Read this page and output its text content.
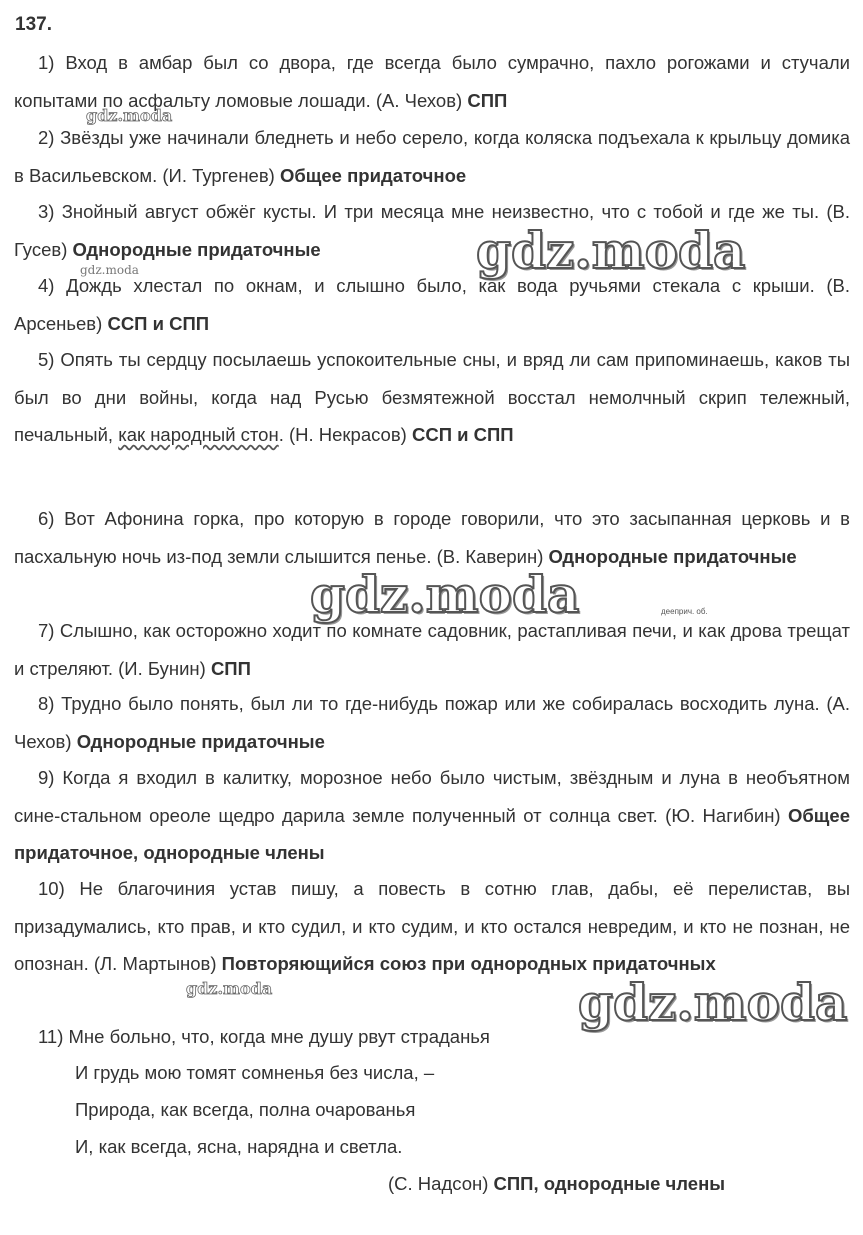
137.
1) Вход в амбар был со двора, где всегда было сумрачно, пахло рогожами и стучали копытами по асфальту ломовые лошади. (А. Чехов) СПП
2) Звёзды уже начинали бледнеть и небо серело, когда коляска подъехала к крыльцу домика в Васильевском. (И. Тургенев) Общее придаточное
3) Знойный август обжёг кусты. И три месяца мне неизвестно, что с тобой и где же ты. (В. Гусев) Однородные придаточные
4) Дождь хлестал по окнам, и слышно было, как вода ручьями стекала с крыши. (В. Арсеньев) ССП и СПП
5) Опять ты сердцу посылаешь успокоительные сны, и вряд ли сам припоминаешь, каков ты был во дни войны, когда над Русью безмятежной восстал немолчный скрип тележный, печальный, как народный стон. (Н. Некрасов) ССП и СПП
6) Вот Афонина горка, про которую в городе говорили, что это засыпанная церковь и в пасхальную ночь из-под земли слышится пенье. (В. Каверин) Однородные придаточные
7) Слышно, как осторожно ходит по комнате садовник, растапливая печи, и как дрова трещат и стреляют. (И. Бунин) СПП
8) Трудно было понять, был ли то где-нибудь пожар или же собиралась восходить луна. (А. Чехов) Однородные придаточные
9) Когда я входил в калитку, морозное небо было чистым, звёздным и луна в необъятном сине-стальном ореоле щедро дарила земле полученный от солнца свет. (Ю. Нагибин) Общее придаточное, однородные члены
10) Не благочиния устав пишу, а повесть в сотню глав, дабы, её перелистав, вы призадумались, кто прав, и кто судил, и кто судим, и кто остался невредим, и кто не познан, не опознан. (Л. Мартынов) Повторяющийся союз при однородных придаточных
11) Мне больно, что, когда мне душу рвут страданья
И грудь мою томят сомненья без числа, –
Природа, как всегда, полна очарованья
И, как всегда, ясна, нарядна и светла.
(С. Надсон) СПП, однородные члены
дееприч. об.
gdz.moda
gdz.moda	gdz.moda
gdz.moda
gdz.moda	gdz.moda
